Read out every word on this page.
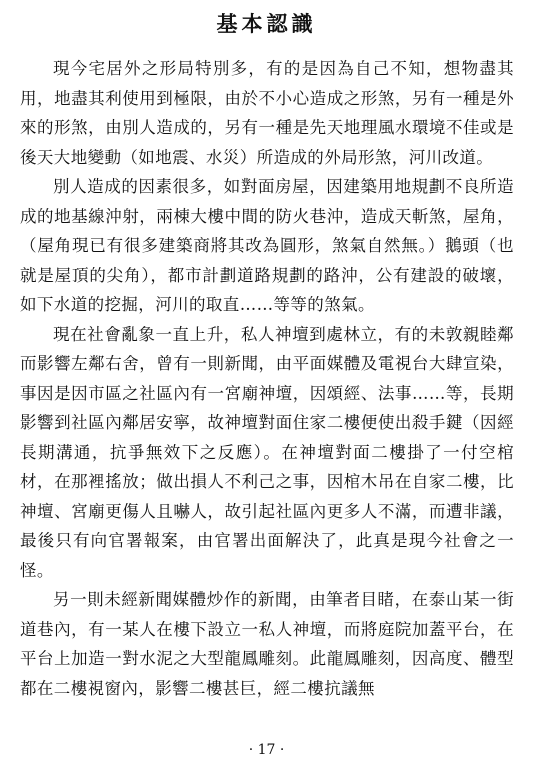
基本認識

現今宅居外之形局特別多，有的是因為自己不知，想物盡其用，地盡其利使用到極限，由於不小心造成之形煞，另有一種是外來的形煞，由別人造成的，另有一種是先天地理風水環境不佳或是後天大地變動（如地震、水災）所造成的外局形煞，河川改道。

別人造成的因素很多，如對面房屋，因建築用地規劃不良所造成的地基線沖射，兩棟大樓中間的防火巷沖，造成天斬煞，屋角，（屋角現已有很多建築商將其改為圓形，煞氣自然無。）鵝頭（也就是屋頂的尖角），都市計劃道路規劃的路沖，公有建設的破壞，如下水道的挖掘，河川的取直……等等的煞氣。

現在社會亂象一直上升，私人神壇到處林立，有的未敦親睦鄰而影響左鄰右舍，曾有一則新聞，由平面媒體及電視台大肆宣染，事因是因市區之社區內有一宮廟神壇，因頌經、法事……等，長期影響到社區內鄰居安寧，故神壇對面住家二樓便使出殺手鍵（因經長期溝通，抗爭無效下之反應）。在神壇對面二樓掛了一付空棺材，在那裡搖放；做出損人不利己之事，因棺木吊在自家二樓，比神壇、宮廟更傷人且嚇人，故引起社區內更多人不滿，而遭非議，最後只有向官署報案，由官署出面解決了，此真是現今社會之一怪。

另一則未經新聞媒體炒作的新聞，由筆者目睹，在泰山某一街道巷內，有一某人在樓下設立一私人神壇，而將庭院加蓋平台，在平台上加造一對水泥之大型龍鳳雕刻。此龍鳳雕刻，因高度、體型都在二樓視窗內，影響二樓甚巨，經二樓抗議無

· 17 ·
